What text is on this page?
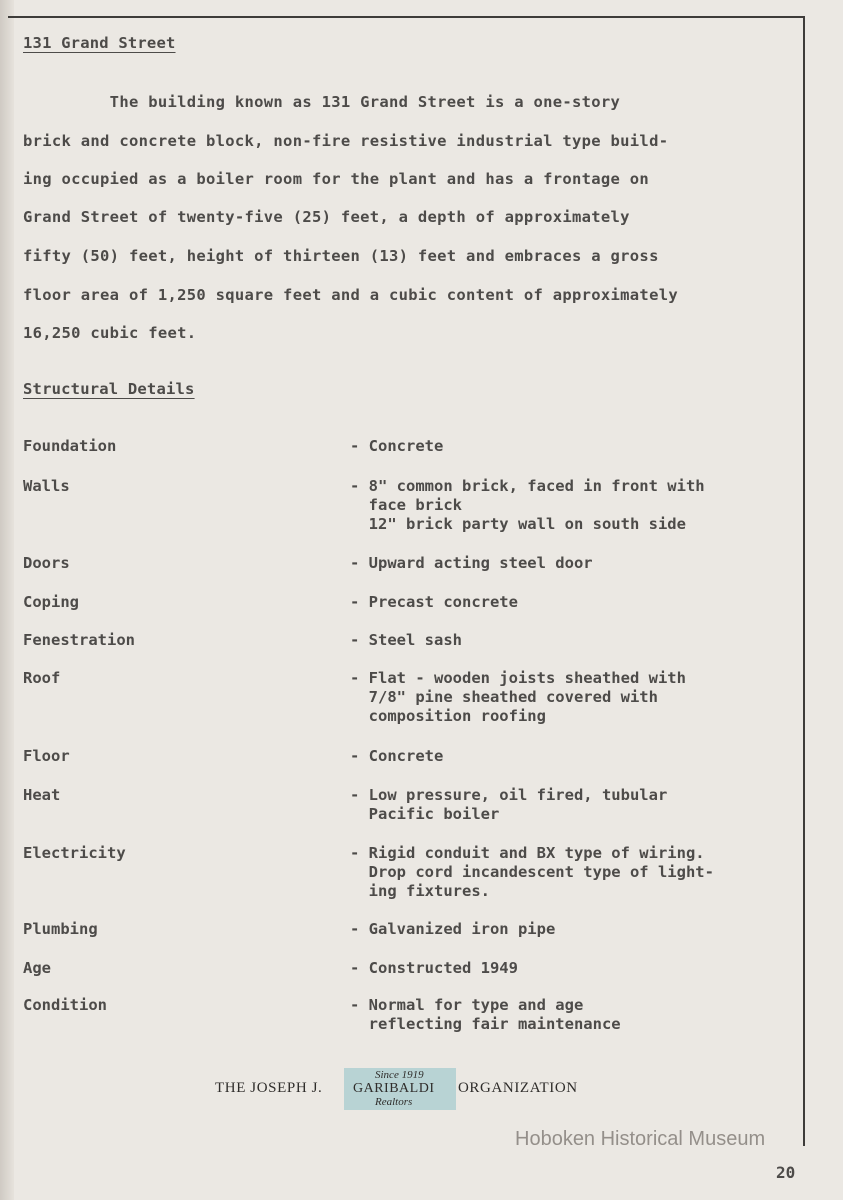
131 Grand Street
The building known as 131 Grand Street is a one-story
brick and concrete block, non-fire resistive industrial type build-
ing occupied as a boiler room for the plant and has a frontage on
Grand Street of twenty-five (25) feet, a depth of approximately
fifty (50) feet, height of thirteen (13) feet and embraces a gross
floor area of 1,250 square feet and a cubic content of approximately
16,250 cubic feet.
Structural Details
Foundation	- Concrete
Walls	- 8" common brick, faced in front with
face brick
12" brick party wall on south side
Doors	- Upward acting steel door
Coping	- Precast concrete
Fenestration	- Steel sash
Roof	- Flat - wooden joists sheathed with
7/8" pine sheathed covered with
composition roofing
Floor	- Concrete
Heat	- Low pressure, oil fired, tubular
Pacific boiler
Electricity	- Rigid conduit and BX type of wiring.
Drop cord incandescent type of light-
ing fixtures.
Plumbing	- Galvanized iron pipe
Age	- Constructed 1949
Condition	- Normal for type and age
reflecting fair maintenance
THE JOSEPH J.
Since 1919
GARIBALDI
Realtors
ORGANIZATION
Hoboken Historical Museum
20
